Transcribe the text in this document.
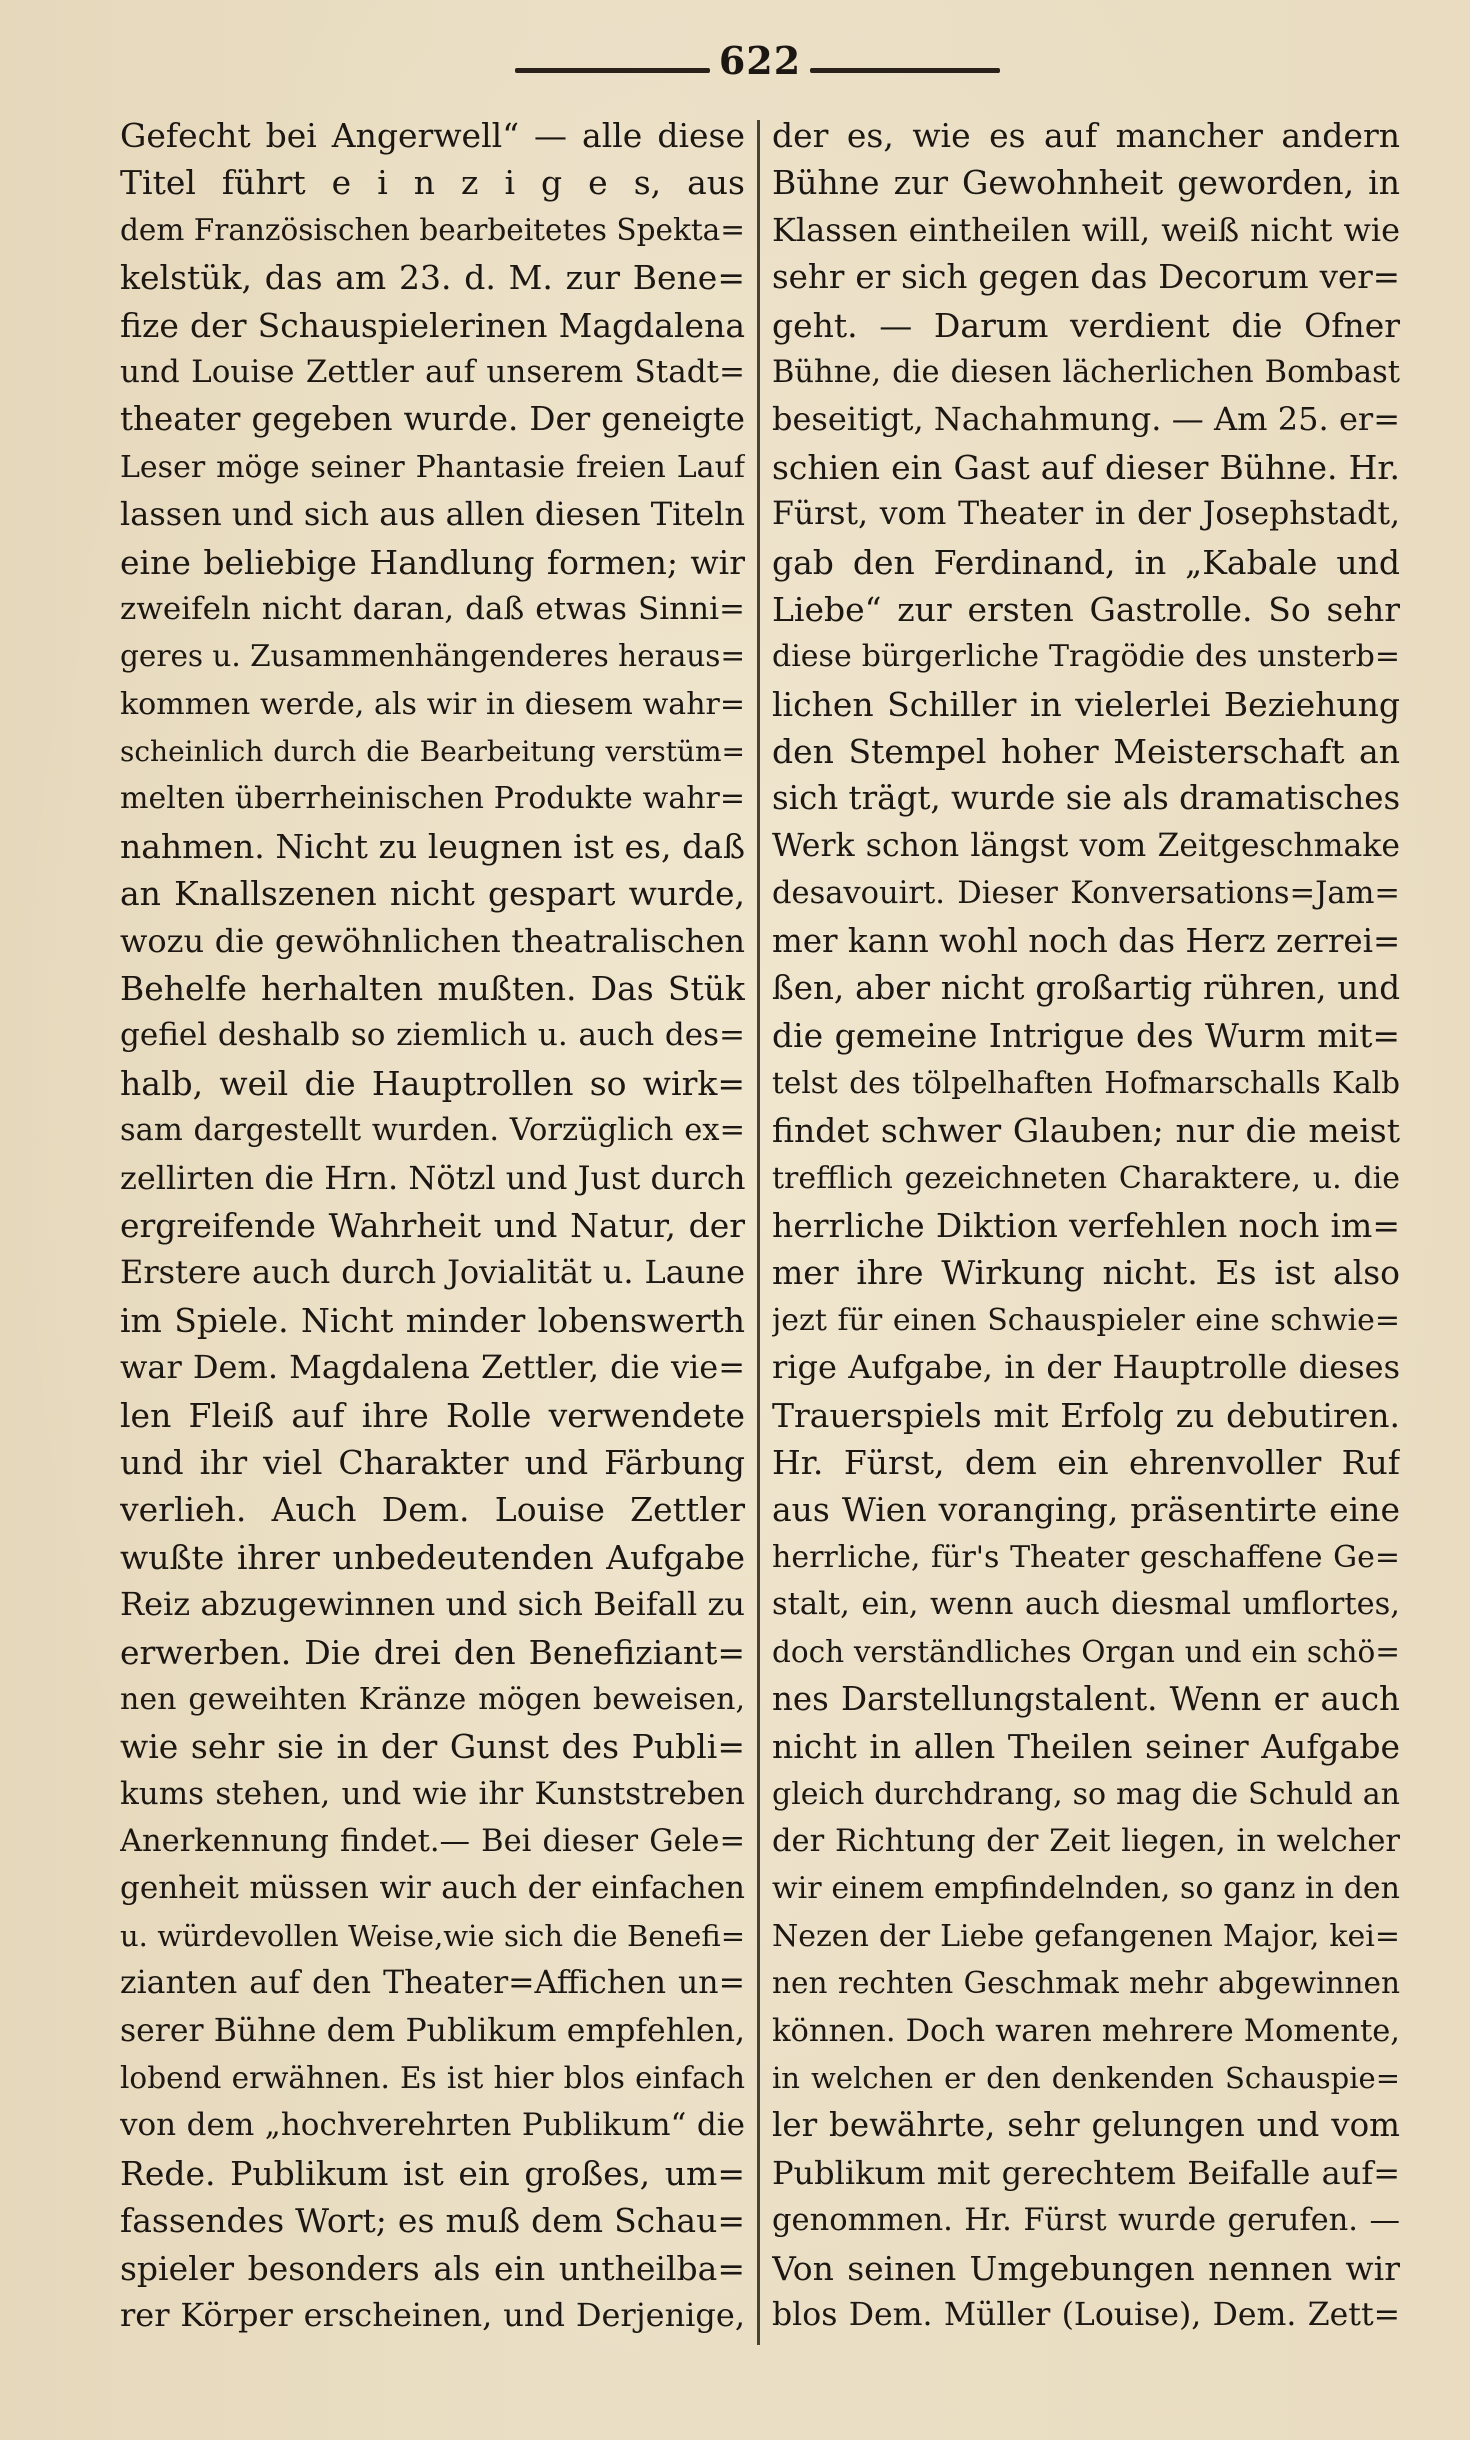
622
Gefecht bei Angerwell“ — alle diese
Titel führt e i n z i g e s, aus
dem Französischen bearbeitetes Spekta=
kelstük, das am 23. d. M. zur Bene=
fize der Schauspielerinen Magdalena
und Louise Zettler auf unserem Stadt=
theater gegeben wurde. Der geneigte
Leser möge seiner Phantasie freien Lauf
lassen und sich aus allen diesen Titeln
eine beliebige Handlung formen; wir
zweifeln nicht daran, daß etwas Sinni=
geres u. Zusammenhängenderes heraus=
kommen werde, als wir in diesem wahr=
scheinlich durch die Bearbeitung verstüm=
melten überrheinischen Produkte wahr=
nahmen. Nicht zu leugnen ist es, daß
an Knallszenen nicht gespart wurde,
wozu die gewöhnlichen theatralischen
Behelfe herhalten mußten. Das Stük
gefiel deshalb so ziemlich u. auch des=
halb, weil die Hauptrollen so wirk=
sam dargestellt wurden. Vorzüglich ex=
zellirten die Hrn. Nötzl und Just durch
ergreifende Wahrheit und Natur, der
Erstere auch durch Jovialität u. Laune
im Spiele. Nicht minder lobenswerth
war Dem. Magdalena Zettler, die vie=
len Fleiß auf ihre Rolle verwendete
und ihr viel Charakter und Färbung
verlieh. Auch Dem. Louise Zettler
wußte ihrer unbedeutenden Aufgabe
Reiz abzugewinnen und sich Beifall zu
erwerben. Die drei den Benefiziant=
nen geweihten Kränze mögen beweisen,
wie sehr sie in der Gunst des Publi=
kums stehen, und wie ihr Kunststreben
Anerkennung findet.— Bei dieser Gele=
genheit müssen wir auch der einfachen
u. würdevollen Weise,wie sich die Benefi=
zianten auf den Theater=Affichen un=
serer Bühne dem Publikum empfehlen,
lobend erwähnen. Es ist hier blos einfach
von dem „hochverehrten Publikum“ die
Rede. Publikum ist ein großes, um=
fassendes Wort; es muß dem Schau=
spieler besonders als ein untheilba=
rer Körper erscheinen, und Derjenige,
der es, wie es auf mancher andern
Bühne zur Gewohnheit geworden, in
Klassen eintheilen will, weiß nicht wie
sehr er sich gegen das Decorum ver=
geht. — Darum verdient die Ofner
Bühne, die diesen lächerlichen Bombast
beseitigt, Nachahmung. — Am 25. er=
schien ein Gast auf dieser Bühne. Hr.
Fürst, vom Theater in der Josephstadt,
gab den Ferdinand, in „Kabale und
Liebe“ zur ersten Gastrolle. So sehr
diese bürgerliche Tragödie des unsterb=
lichen Schiller in vielerlei Beziehung
den Stempel hoher Meisterschaft an
sich trägt, wurde sie als dramatisches
Werk schon längst vom Zeitgeschmake
desavouirt. Dieser Konversations=Jam=
mer kann wohl noch das Herz zerrei=
ßen, aber nicht großartig rühren, und
die gemeine Intrigue des Wurm mit=
telst des tölpelhaften Hofmarschalls Kalb
findet schwer Glauben; nur die meist
trefflich gezeichneten Charaktere, u. die
herrliche Diktion verfehlen noch im=
mer ihre Wirkung nicht. Es ist also
jezt für einen Schauspieler eine schwie=
rige Aufgabe, in der Hauptrolle dieses
Trauerspiels mit Erfolg zu debutiren.
Hr. Fürst, dem ein ehrenvoller Ruf
aus Wien voranging, präsentirte eine
herrliche, für's Theater geschaffene Ge=
stalt, ein, wenn auch diesmal umflortes,
doch verständliches Organ und ein schö=
nes Darstellungstalent. Wenn er auch
nicht in allen Theilen seiner Aufgabe
gleich durchdrang, so mag die Schuld an
der Richtung der Zeit liegen, in welcher
wir einem empfindelnden, so ganz in den
Nezen der Liebe gefangenen Major, kei=
nen rechten Geschmak mehr abgewinnen
können. Doch waren mehrere Momente,
in welchen er den denkenden Schauspie=
ler bewährte, sehr gelungen und vom
Publikum mit gerechtem Beifalle auf=
genommen. Hr. Fürst wurde gerufen. —
Von seinen Umgebungen nennen wir
blos Dem. Müller (Louise), Dem. Zett=
